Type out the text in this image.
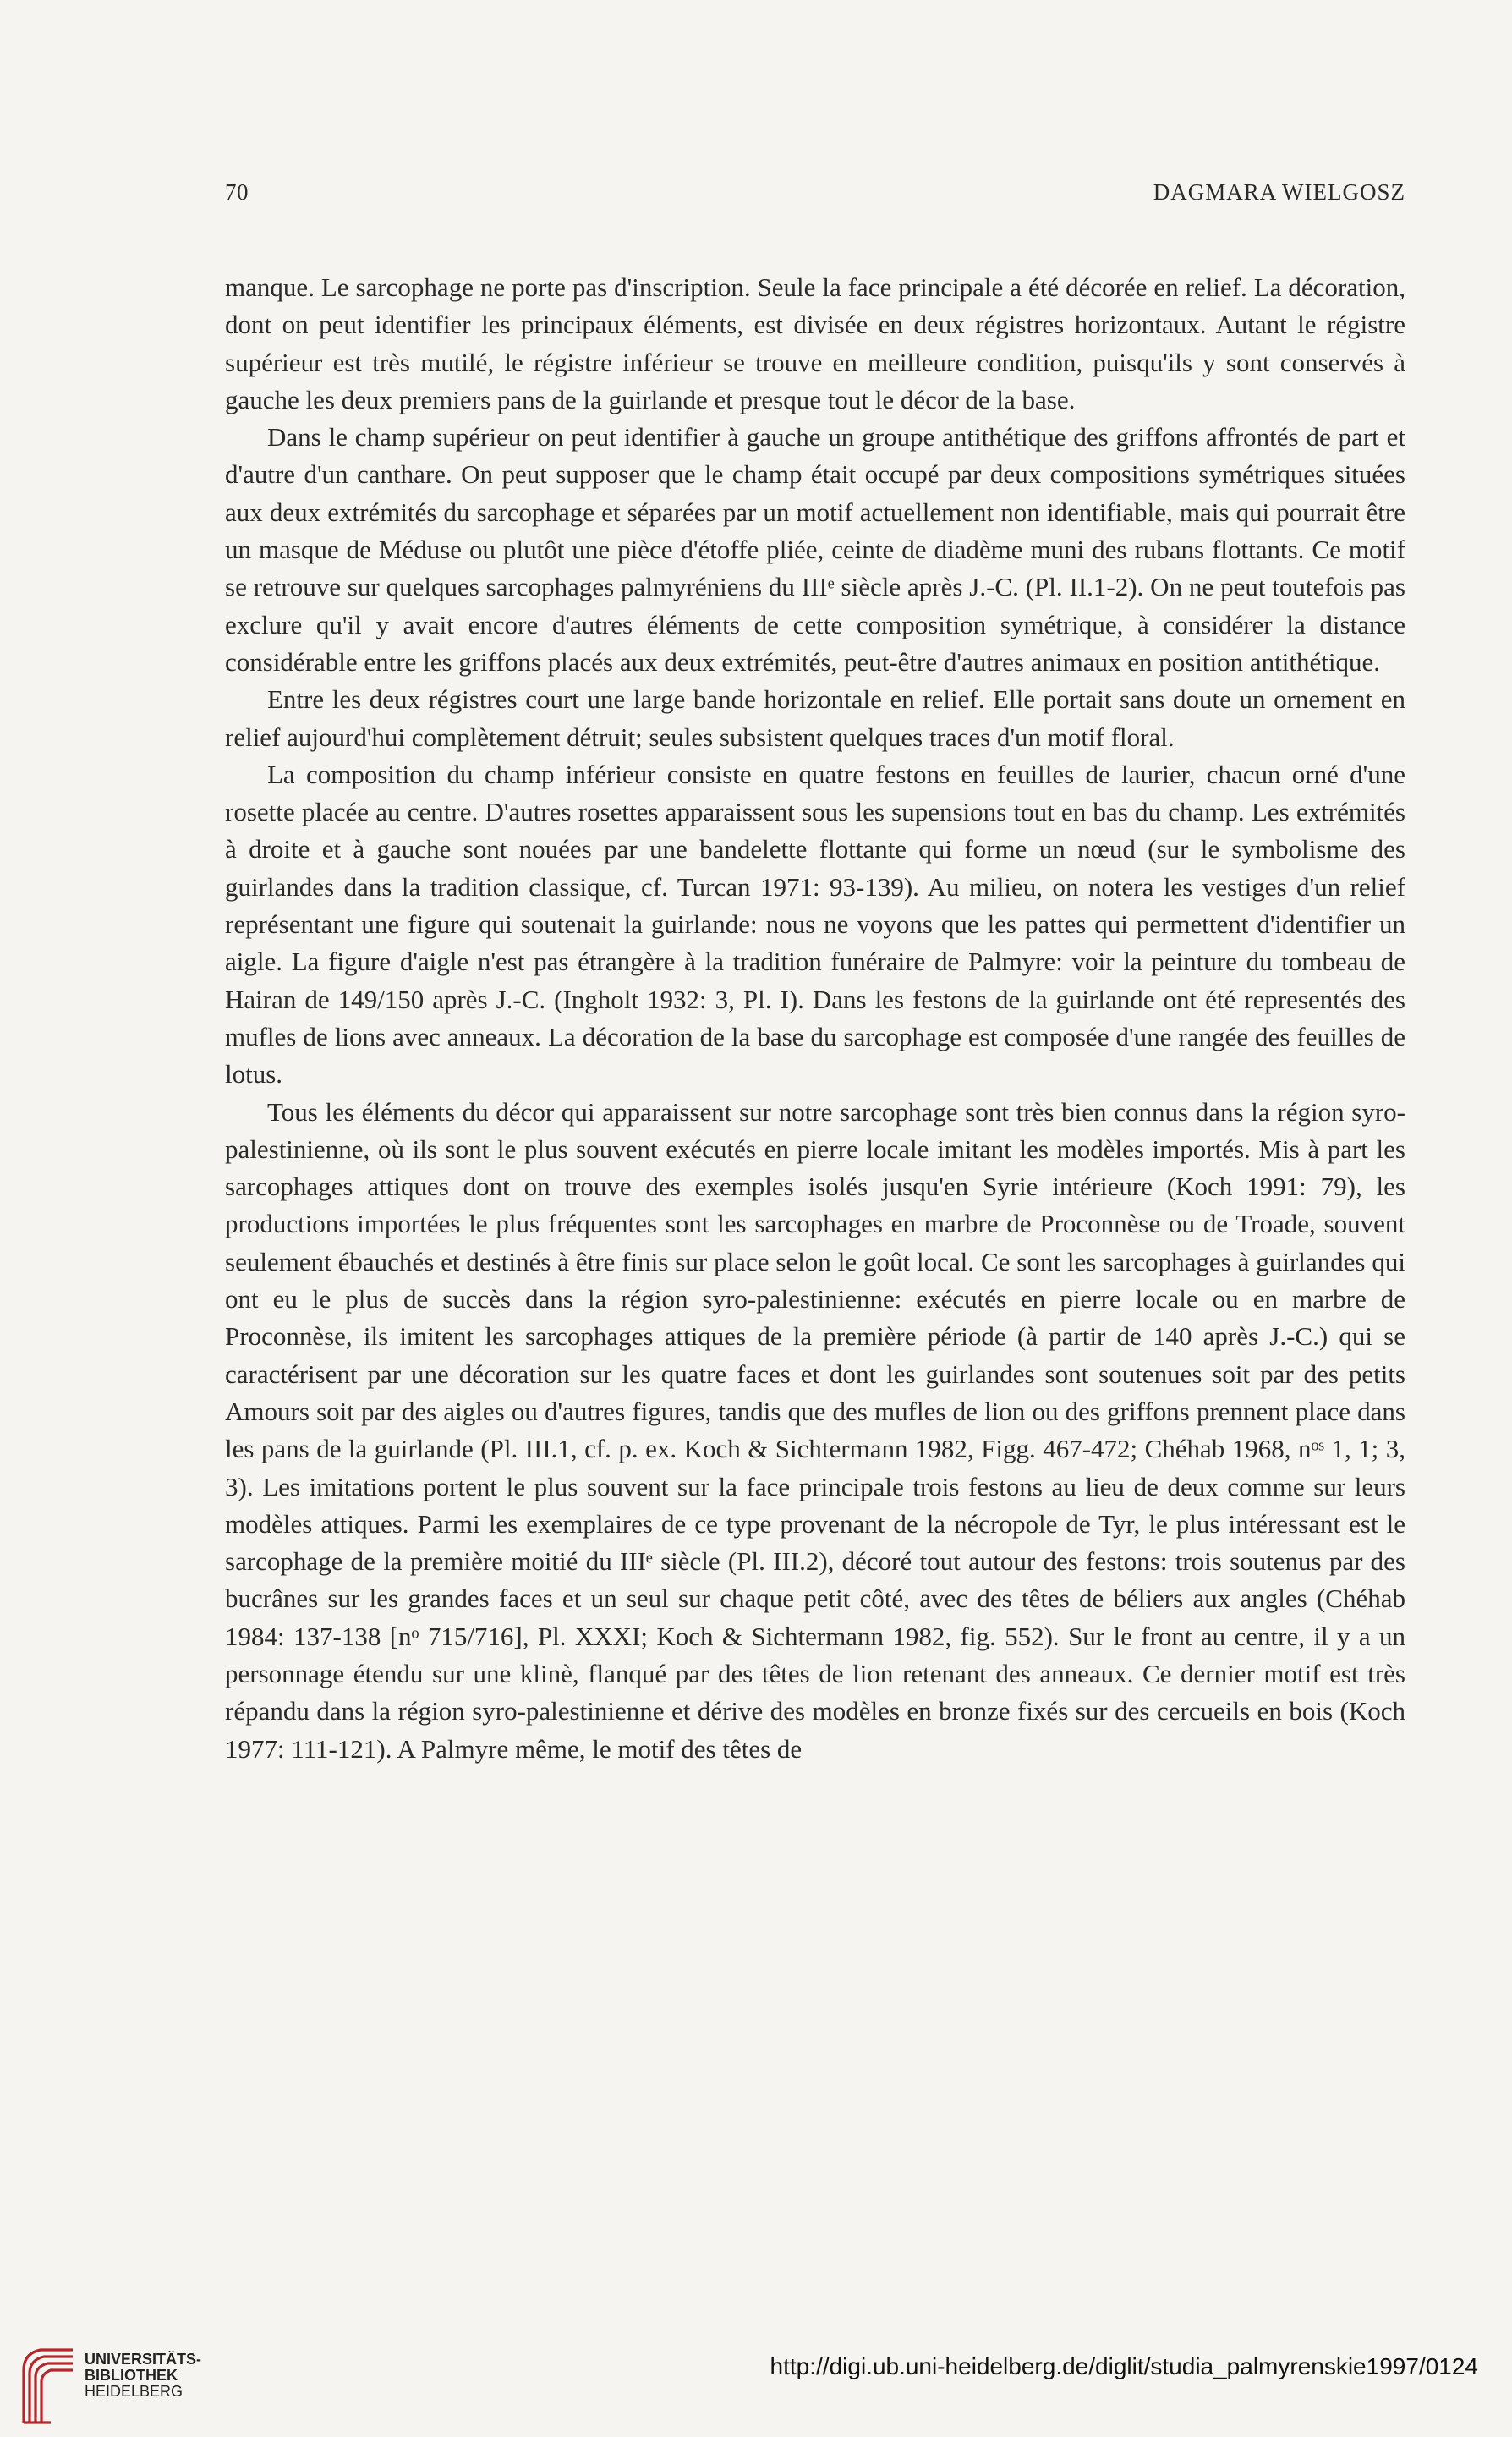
70	DAGMARA WIELGOSZ

manque. Le sarcophage ne porte pas d'inscription. Seule la face principale a été décorée en relief. La décoration, dont on peut identifier les principaux éléments, est divisée en deux régistres horizontaux. Autant le régistre supérieur est très mutilé, le régistre inférieur se trouve en meilleure condition, puisqu'ils y sont conservés à gauche les deux premiers pans de la guirlande et presque tout le décor de la base.

Dans le champ supérieur on peut identifier à gauche un groupe antithétique des griffons affrontés de part et d'autre d'un canthare. On peut supposer que le champ était occupé par deux compositions symétriques situées aux deux extrémités du sarcophage et séparées par un motif actuellement non identifiable, mais qui pourrait être un masque de Méduse ou plutôt une pièce d'étoffe pliée, ceinte de diadème muni des rubans flottants. Ce motif se retrouve sur quelques sarcophages palmyréniens du IIIᵉ siècle après J.-C. (Pl. II.1-2). On ne peut toutefois pas exclure qu'il y avait encore d'autres éléments de cette composition symétrique, à considérer la distance considérable entre les griffons placés aux deux extrémités, peut-être d'autres animaux en position antithétique.

Entre les deux régistres court une large bande horizontale en relief. Elle portait sans doute un ornement en relief aujourd'hui complètement détruit; seules subsistent quelques traces d'un motif floral.

La composition du champ inférieur consiste en quatre festons en feuilles de laurier, chacun orné d'une rosette placée au centre. D'autres rosettes apparaissent sous les supensions tout en bas du champ. Les extrémités à droite et à gauche sont nouées par une bandelette flottante qui forme un nœud (sur le symbolisme des guirlandes dans la tradition classique, cf. Turcan 1971: 93-139). Au milieu, on notera les vestiges d'un relief représentant une figure qui soutenait la guirlande: nous ne voyons que les pattes qui permettent d'identifier un aigle. La figure d'aigle n'est pas étrangère à la tradition funéraire de Palmyre: voir la peinture du tombeau de Hairan de 149/150 après J.-C. (Ingholt 1932: 3, Pl. I). Dans les festons de la guirlande ont été representés des mufles de lions avec anneaux. La décoration de la base du sarcophage est composée d'une rangée des feuilles de lotus.

Tous les éléments du décor qui apparaissent sur notre sarcophage sont très bien connus dans la région syro-palestinienne, où ils sont le plus souvent exécutés en pierre locale imitant les modèles importés. Mis à part les sarcophages attiques dont on trouve des exemples isolés jusqu'en Syrie intérieure (Koch 1991: 79), les productions importées le plus fréquentes sont les sarcophages en marbre de Proconnèse ou de Troade, souvent seulement ébauchés et destinés à être finis sur place selon le goût local. Ce sont les sarcophages à guirlandes qui ont eu le plus de succès dans la région syro-palestinienne: exécutés en pierre locale ou en marbre de Proconnèse, ils imitent les sarcophages attiques de la première période (à partir de 140 après J.-C.) qui se caractérisent par une décoration sur les quatre faces et dont les guirlandes sont soutenues soit par des petits Amours soit par des aigles ou d'autres figures, tandis que des mufles de lion ou des griffons prennent place dans les pans de la guirlande (Pl. III.1, cf. p. ex. Koch & Sichtermann 1982, Figg. 467-472; Chéhab 1968, nᵒˢ 1, 1; 3, 3). Les imitations portent le plus souvent sur la face principale trois festons au lieu de deux comme sur leurs modèles attiques. Parmi les exemplaires de ce type provenant de la nécropole de Tyr, le plus intéressant est le sarcophage de la première moitié du IIIᵉ siècle (Pl. III.2), décoré tout autour des festons: trois soutenus par des bucrânes sur les grandes faces et un seul sur chaque petit côté, avec des têtes de béliers aux angles (Chéhab 1984: 137-138 [nᵒ 715/716], Pl. XXXI; Koch & Sichtermann 1982, fig. 552). Sur le front au centre, il y a un personnage étendu sur une klinè, flanqué par des têtes de lion retenant des anneaux. Ce dernier motif est très répandu dans la région syro-palestinienne et dérive des modèles en bronze fixés sur des cercueils en bois (Koch 1977: 111-121). A Palmyre même, le motif des têtes de

UNIVERSITÄTS-
BIBLIOTHEK
HEIDELBERG
http://digi.ub.uni-heidelberg.de/diglit/studia_palmyrenskie1997/0124
